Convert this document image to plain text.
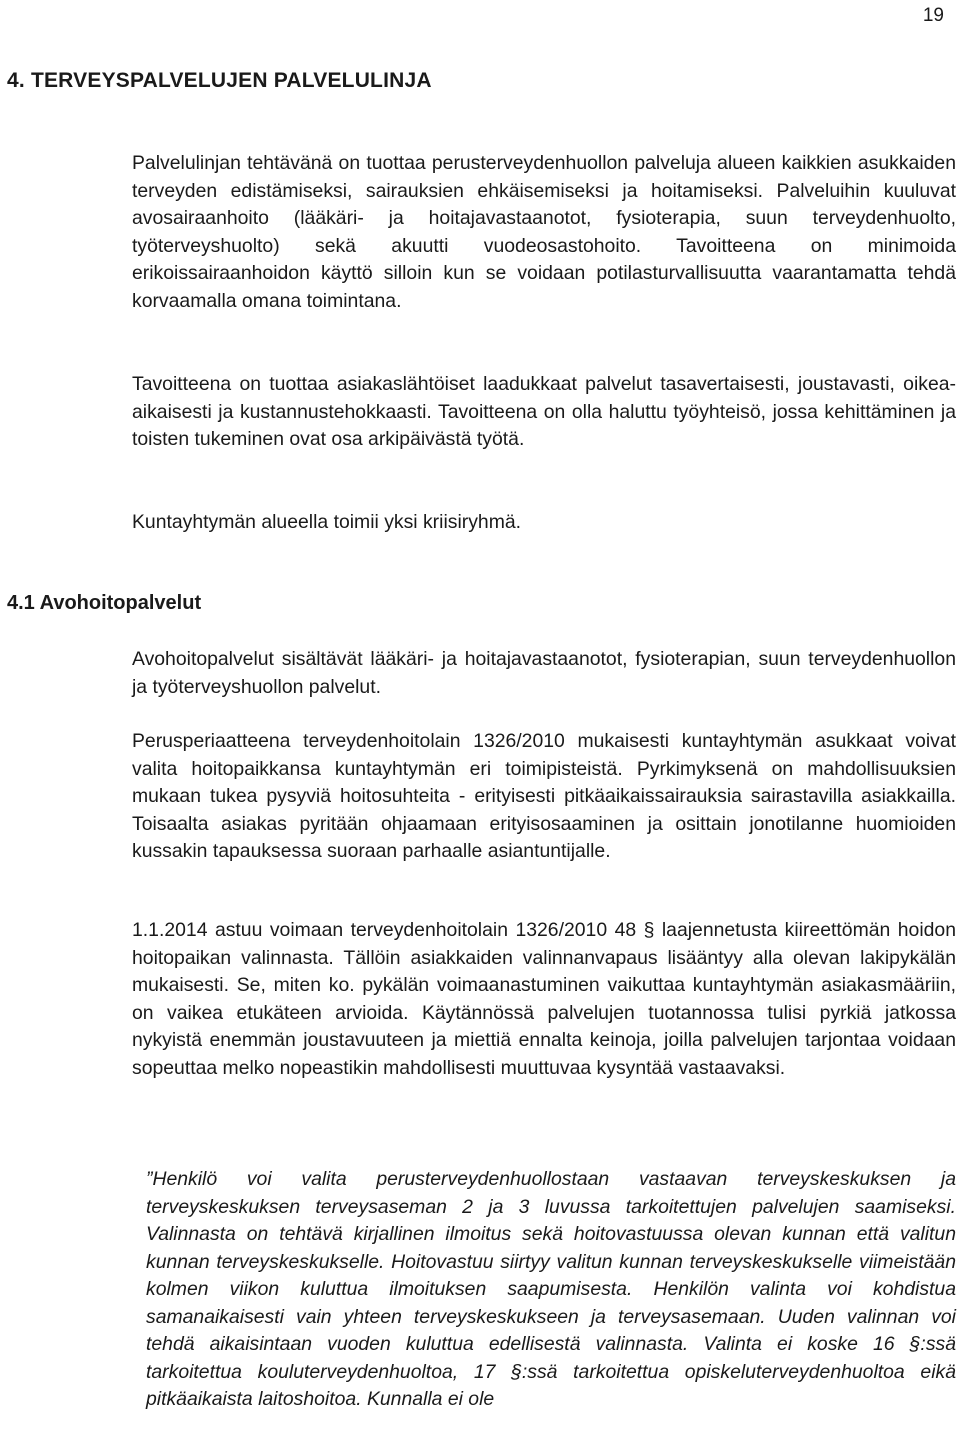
19
4. TERVEYSPALVELUJEN PALVELULINJA

Palvelulinjan tehtävänä on tuottaa perusterveydenhuollon palveluja alueen kaikkien asukkaiden terveyden edistämiseksi, sairauksien ehkäisemiseksi ja hoitamiseksi. Palveluihin kuuluvat avosairaanhoito (lääkäri- ja hoitajavastaanotot, fysioterapia, suun terveydenhuolto, työterveyshuolto) sekä akuutti vuodeosastohoito. Tavoitteena on minimoida erikoissairaanhoidon käyttö silloin kun se voidaan potilasturvallisuutta vaarantamatta tehdä korvaamalla omana toimintana.

Tavoitteena on tuottaa asiakaslähtöiset laadukkaat palvelut tasavertaisesti, joustavasti, oikea-aikaisesti ja kustannustehokkaasti. Tavoitteena on olla haluttu työyhteisö, jossa kehittäminen ja toisten tukeminen ovat osa arkipäivästä työtä.

Kuntayhtymän alueella toimii yksi kriisiryhmä.

4.1 Avohoitopalvelut

Avohoitopalvelut sisältävät lääkäri- ja hoitajavastaanotot, fysioterapian, suun terveydenhuollon ja työterveyshuollon palvelut.

Perusperiaatteena terveydenhoitolain 1326/2010 mukaisesti kuntayhtymän asukkaat voivat valita hoitopaikkansa kuntayhtymän eri toimipisteistä. Pyrkimyksenä on mahdollisuuksien mukaan tukea pysyviä hoitosuhteita - erityisesti pitkäaikaissairauksia sairastavilla asiakkailla. Toisaalta asiakas pyritään ohjaamaan erityisosaaminen ja osittain jonotilanne huomioiden kussakin tapauksessa suoraan parhaalle asiantuntijalle.

1.1.2014 astuu voimaan terveydenhoitolain 1326/2010 48 § laajennetusta kiireettömän hoidon hoitopaikan valinnasta. Tällöin asiakkaiden valinnanvapaus lisääntyy alla olevan lakipykälän mukaisesti. Se, miten ko. pykälän voimaanastuminen vaikuttaa kuntayhtymän asiakasmääriin, on vaikea etukäteen arvioida. Käytännössä palvelujen tuotannossa tulisi pyrkiä jatkossa nykyistä enemmän joustavuuteen ja miettiä ennalta keinoja, joilla palvelujen tarjontaa voidaan sopeuttaa melko nopeastikin mahdollisesti muuttuvaa kysyntää vastaavaksi.

”Henkilö voi valita perusterveydenhuollostaan vastaavan terveyskeskuksen ja terveyskeskuksen terveysaseman 2 ja 3 luvussa tarkoitettujen palvelujen saamiseksi. Valinnasta on tehtävä kirjallinen ilmoitus sekä hoitovastuussa olevan kunnan että valitun kunnan terveyskeskukselle. Hoitovastuu siirtyy valitun kunnan terveyskeskukselle viimeistään kolmen viikon kuluttua ilmoituksen saapumisesta. Henkilön valinta voi kohdistua samanaikaisesti vain yhteen terveyskeskukseen ja terveysasemaan. Uuden valinnan voi tehdä aikaisintaan vuoden kuluttua edellisestä valinnasta. Valinta ei koske 16 §:ssä tarkoitettua kouluterveydenhuoltoa, 17 §:ssä tarkoitettua opiskeluterveydenhuoltoa eikä pitkäaikaista laitoshoitoa. Kunnalla ei ole
